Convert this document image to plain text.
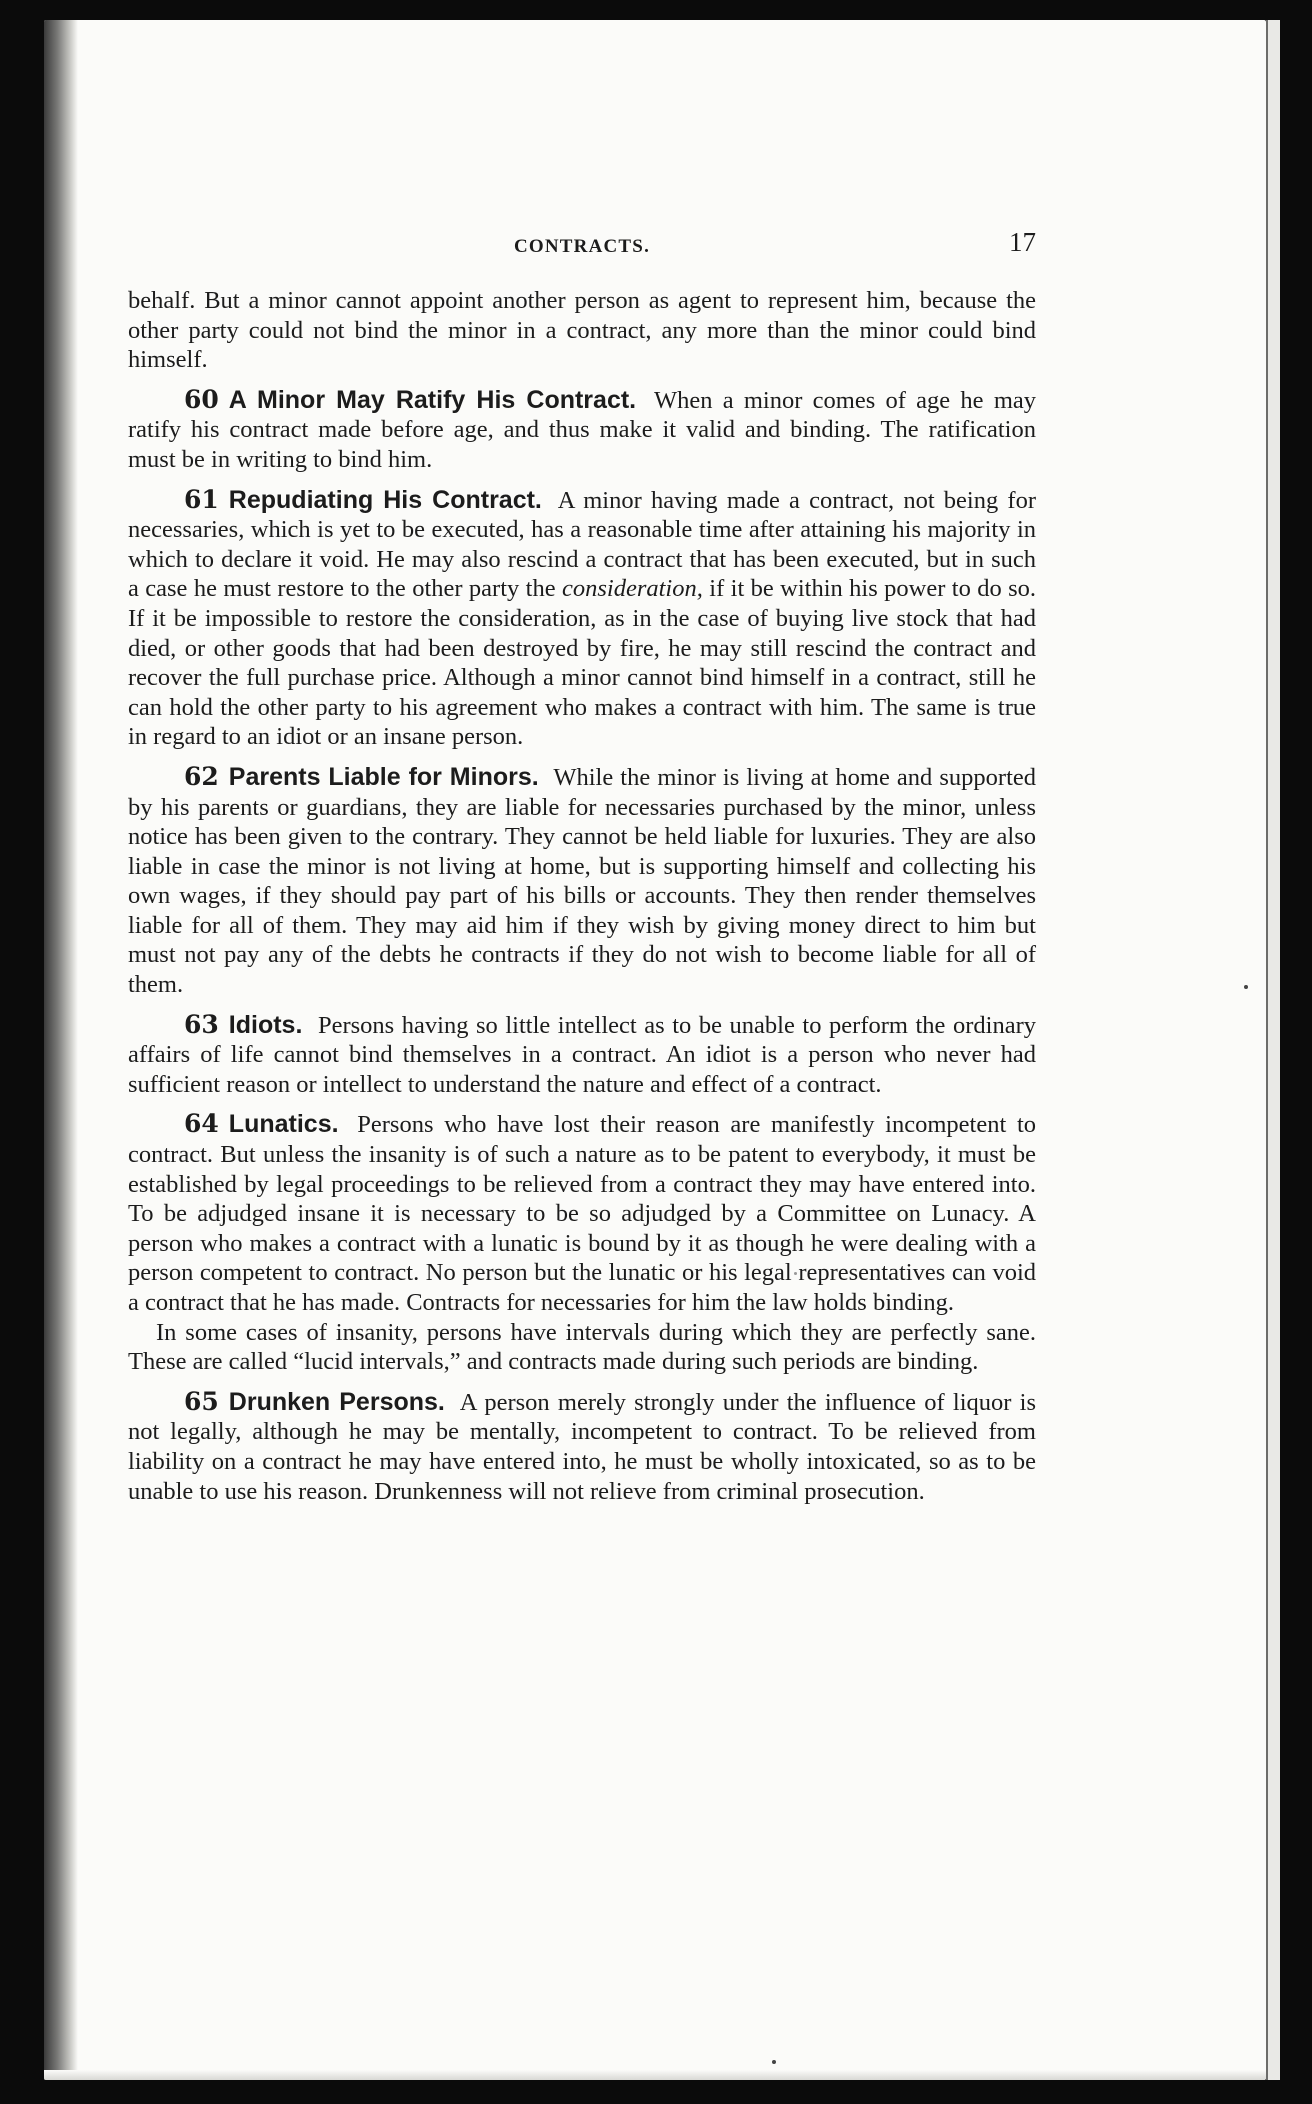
CONTRACTS.	17

behalf. But a minor cannot appoint another person as agent to represent him, because the other party could not bind the minor in a contract, any more than the minor could bind himself.

60 A Minor May Ratify His Contract. When a minor comes of age he may ratify his contract made before age, and thus make it valid and binding. The ratification must be in writing to bind him.

61 Repudiating His Contract. A minor having made a contract, not being for necessaries, which is yet to be executed, has a reasonable time after attaining his majority in which to declare it void. He may also rescind a contract that has been executed, but in such a case he must restore to the other party the consideration, if it be within his power to do so. If it be impossible to restore the consideration, as in the case of buying live stock that had died, or other goods that had been destroyed by fire, he may still rescind the contract and recover the full purchase price. Although a minor cannot bind himself in a contract, still he can hold the other party to his agreement who makes a contract with him. The same is true in regard to an idiot or an insane person.

62 Parents Liable for Minors. While the minor is living at home and supported by his parents or guardians, they are liable for necessaries purchased by the minor, unless notice has been given to the contrary. They cannot be held liable for luxuries. They are also liable in case the minor is not living at home, but is supporting himself and collecting his own wages, if they should pay part of his bills or accounts. They then render themselves liable for all of them. They may aid him if they wish by giving money direct to him but must not pay any of the debts he contracts if they do not wish to become liable for all of them.

63 Idiots. Persons having so little intellect as to be unable to perform the ordinary affairs of life cannot bind themselves in a contract. An idiot is a person who never had sufficient reason or intellect to understand the nature and effect of a contract.

64 Lunatics. Persons who have lost their reason are manifestly incompetent to contract. But unless the insanity is of such a nature as to be patent to everybody, it must be established by legal proceedings to be relieved from a contract they may have entered into. To be adjudged insane it is necessary to be so adjudged by a Committee on Lunacy. A person who makes a contract with a lunatic is bound by it as though he were dealing with a person competent to contract. No person but the lunatic or his legal representatives can void a contract that he has made. Contracts for necessaries for him the law holds binding.

In some cases of insanity, persons have intervals during which they are perfectly sane. These are called “lucid intervals,” and contracts made during such periods are binding.

65 Drunken Persons. A person merely strongly under the influence of liquor is not legally, although he may be mentally, incompetent to contract. To be relieved from liability on a contract he may have entered into, he must be wholly intoxicated, so as to be unable to use his reason. Drunkenness will not relieve from criminal prosecution.
